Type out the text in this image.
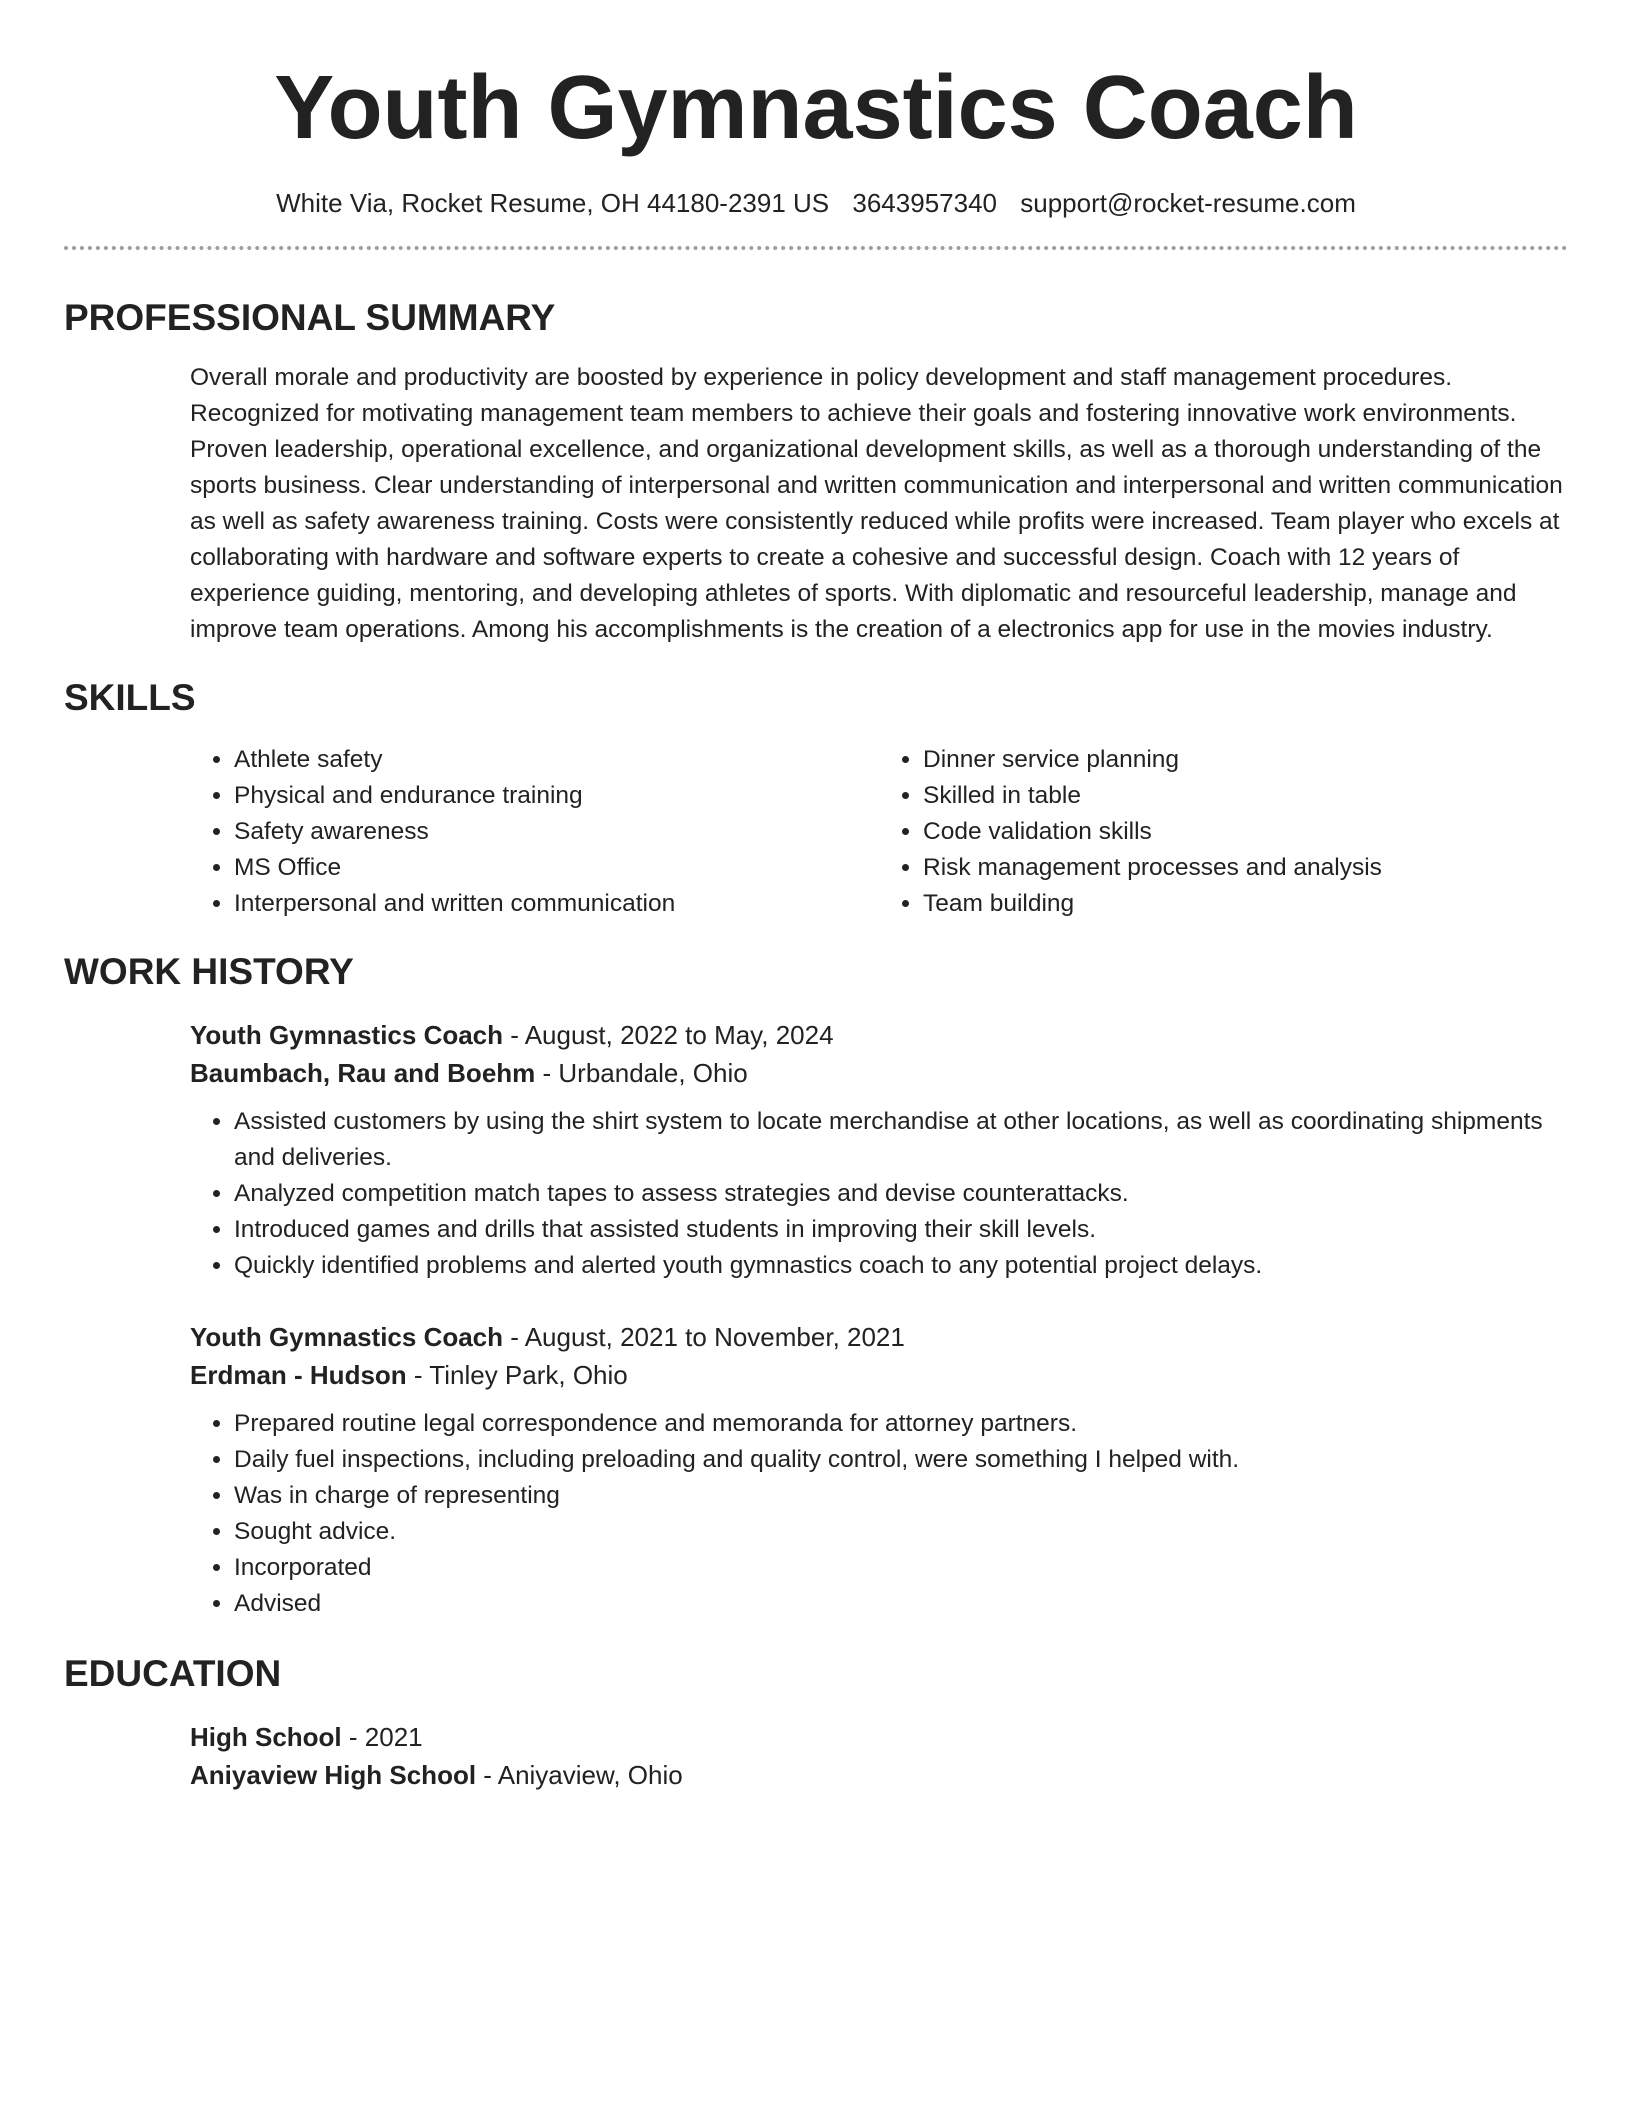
Youth Gymnastics Coach
White Via, Rocket Resume, OH 44180-2391 US 3643957340 support@rocket-resume.com
PROFESSIONAL SUMMARY

Overall morale and productivity are boosted by experience in policy development and staff management procedures. Recognized for motivating management team members to achieve their goals and fostering innovative work environments. Proven leadership, operational excellence, and organizational development skills, as well as a thorough understanding of the sports business. Clear understanding of interpersonal and written communication and interpersonal and written communication as well as safety awareness training. Costs were consistently reduced while profits were increased. Team player who excels at collaborating with hardware and software experts to create a cohesive and successful design. Coach with 12 years of experience guiding, mentoring, and developing athletes of sports. With diplomatic and resourceful leadership, manage and improve team operations. Among his accomplishments is the creation of a electronics app for use in the movies industry.

SKILLS
• Athlete safety
• Physical and endurance training
• Safety awareness
• MS Office
• Interpersonal and written communication
• Dinner service planning
• Skilled in table
• Code validation skills
• Risk management processes and analysis
• Team building
WORK HISTORY
Youth Gymnastics Coach - August, 2022 to May, 2024
Baumbach, Rau and Boehm - Urbandale, Ohio
• Assisted customers by using the shirt system to locate merchandise at other locations, as well as coordinating shipments and deliveries.
• Analyzed competition match tapes to assess strategies and devise counterattacks.
• Introduced games and drills that assisted students in improving their skill levels.
• Quickly identified problems and alerted youth gymnastics coach to any potential project delays.
Youth Gymnastics Coach - August, 2021 to November, 2021
Erdman - Hudson - Tinley Park, Ohio
• Prepared routine legal correspondence and memoranda for attorney partners.
• Daily fuel inspections, including preloading and quality control, were something I helped with.
• Was in charge of representing
• Sought advice.
• Incorporated
• Advised
EDUCATION
High School - 2021
Aniyaview High School - Aniyaview, Ohio
